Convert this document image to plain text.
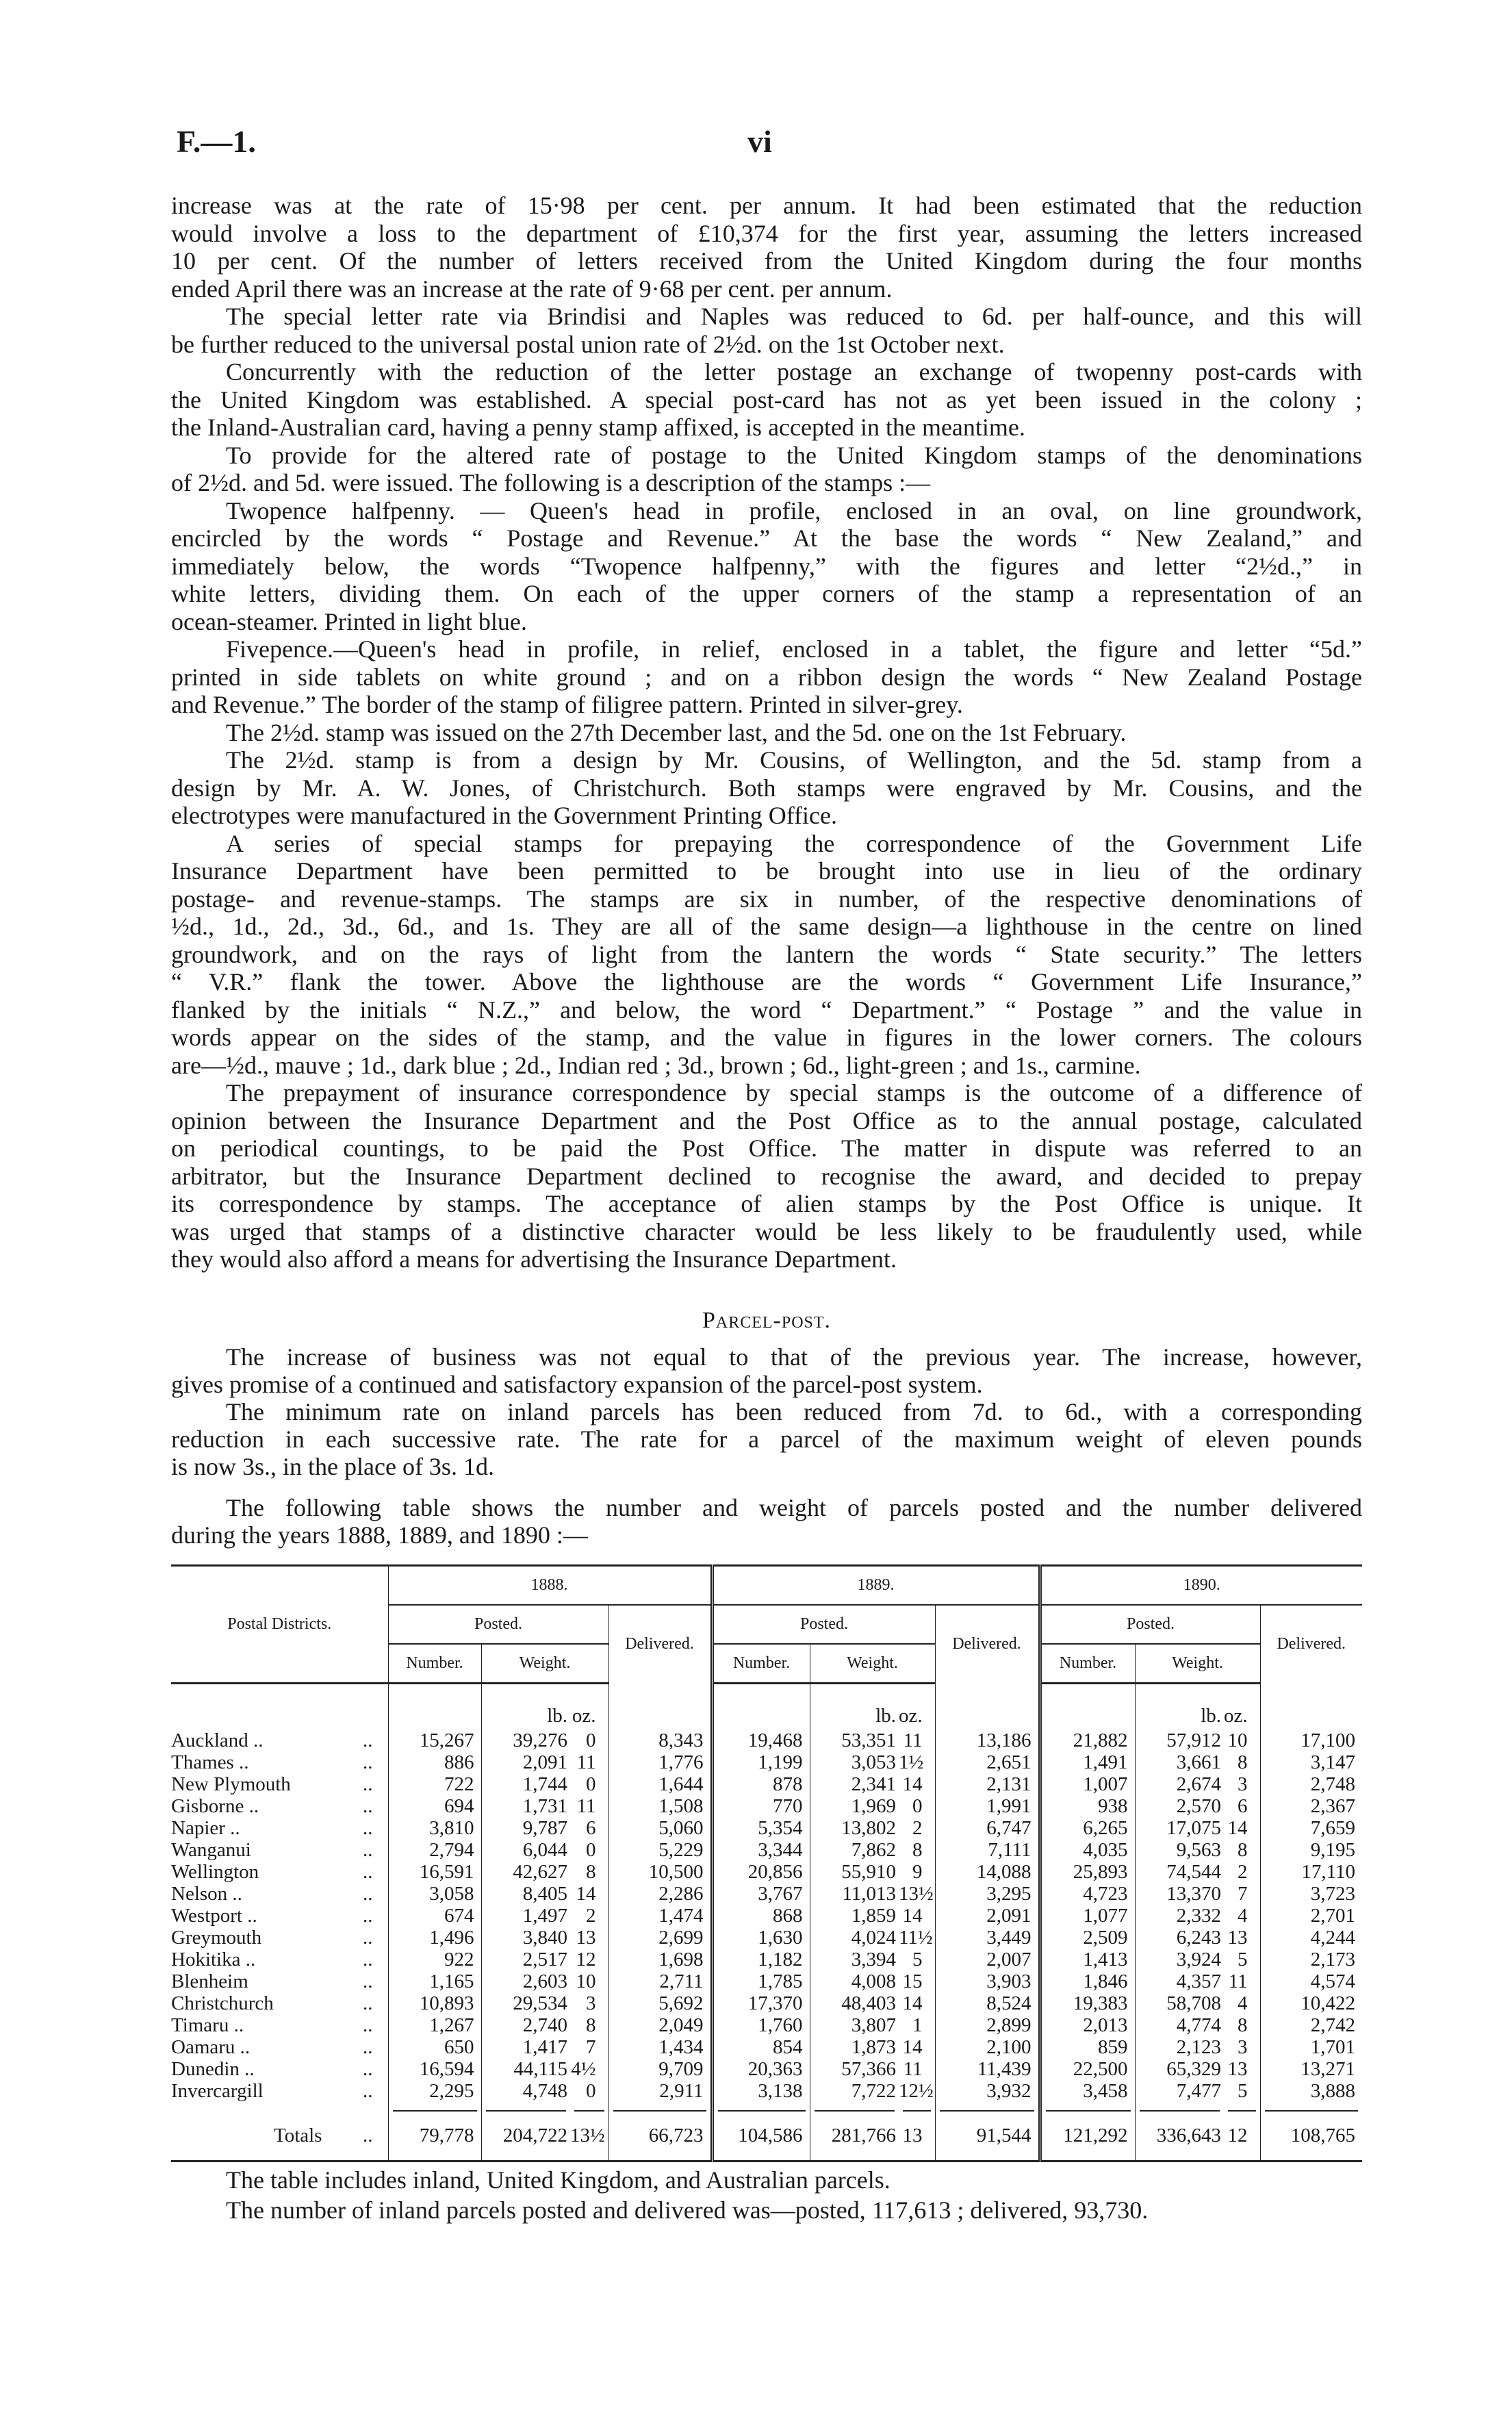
F.—1.	vi
increase was at the rate of 15·98 per cent. per annum. It had been estimated that the reduction
would involve a loss to the department of £10,374 for the first year, assuming the letters increased
10 per cent. Of the number of letters received from the United Kingdom during the four months
ended April there was an increase at the rate of 9·68 per cent. per annum.
The special letter rate via Brindisi and Naples was reduced to 6d. per half-ounce, and this will
be further reduced to the universal postal union rate of 2½d. on the 1st October next.
Concurrently with the reduction of the letter postage an exchange of twopenny post-cards with
the United Kingdom was established. A special post-card has not as yet been issued in the colony ;
the Inland-Australian card, having a penny stamp affixed, is accepted in the meantime.
To provide for the altered rate of postage to the United Kingdom stamps of the denominations
of 2½d. and 5d. were issued. The following is a description of the stamps :—
Twopence halfpenny. — Queen's head in profile, enclosed in an oval, on line groundwork,
encircled by the words “ Postage and Revenue.” At the base the words “ New Zealand,” and
immediately below, the words “Twopence halfpenny,” with the figures and letter “2½d.,” in
white letters, dividing them. On each of the upper corners of the stamp a representation of an
ocean-steamer. Printed in light blue.
Fivepence.—Queen's head in profile, in relief, enclosed in a tablet, the figure and letter “5d.”
printed in side tablets on white ground ; and on a ribbon design the words “ New Zealand Postage
and Revenue.” The border of the stamp of filigree pattern. Printed in silver-grey.
The 2½d. stamp was issued on the 27th December last, and the 5d. one on the 1st February.
The 2½d. stamp is from a design by Mr. Cousins, of Wellington, and the 5d. stamp from a
design by Mr. A. W. Jones, of Christchurch. Both stamps were engraved by Mr. Cousins, and the
electrotypes were manufactured in the Government Printing Office.
A series of special stamps for prepaying the correspondence of the Government Life
Insurance Department have been permitted to be brought into use in lieu of the ordinary
postage- and revenue-stamps. The stamps are six in number, of the respective denominations of
½d., 1d., 2d., 3d., 6d., and 1s. They are all of the same design—a lighthouse in the centre on lined
groundwork, and on the rays of light from the lantern the words “ State security.” The letters
“ V.R.” flank the tower. Above the lighthouse are the words “ Government Life Insurance,”
flanked by the initials “ N.Z.,” and below, the word “ Department.” “ Postage ” and the value in
words appear on the sides of the stamp, and the value in figures in the lower corners. The colours
are—½d., mauve ; 1d., dark blue ; 2d., Indian red ; 3d., brown ; 6d., light-green ; and 1s., carmine.
The prepayment of insurance correspondence by special stamps is the outcome of a difference of
opinion between the Insurance Department and the Post Office as to the annual postage, calculated
on periodical countings, to be paid the Post Office. The matter in dispute was referred to an
arbitrator, but the Insurance Department declined to recognise the award, and decided to prepay
its correspondence by stamps. The acceptance of alien stamps by the Post Office is unique. It
was urged that stamps of a distinctive character would be less likely to be fraudulently used, while
they would also afford a means for advertising the Insurance Department.
Parcel-post.
The increase of business was not equal to that of the previous year. The increase, however,
gives promise of a continued and satisfactory expansion of the parcel-post system.
The minimum rate on inland parcels has been reduced from 7d. to 6d., with a corresponding
reduction in each successive rate. The rate for a parcel of the maximum weight of eleven pounds
is now 3s., in the place of 3s. 1d.
The following table shows the number and weight of parcels posted and the number delivered
during the years 1888, 1889, and 1890 :—
Postal Districts.	1888.				1889.				1890.			
	Posted.			Delivered.	Posted.			Delivered.	Posted.			Delivered.
	Number.	Weight.			Number.	Weight.			Number.	Weight.		
		lb.	oz.			lb.	oz.			lb.	oz.	
Auckland .. ..	15,267	39,276	0	8,343	19,468	53,351	11	13,186	21,882	57,912	10	17,100
Thames .. ..	886	2,091	11	1,776	1,199	3,053	1½	2,651	1,491	3,661	8	3,147
New Plymouth ..	722	1,744	0	1,644	878	2,341	14	2,131	1,007	2,674	3	2,748
Gisborne .. ..	694	1,731	11	1,508	770	1,969	0	1,991	938	2,570	6	2,367
Napier .. ..	3,810	9,787	6	5,060	5,354	13,802	2	6,747	6,265	17,075	14	7,659
Wanganui ..	2,794	6,044	0	5,229	3,344	7,862	8	7,111	4,035	9,563	8	9,195
Wellington ..	16,591	42,627	8	10,500	20,856	55,910	9	14,088	25,893	74,544	2	17,110
Nelson .. ..	3,058	8,405	14	2,286	3,767	11,013	13½	3,295	4,723	13,370	7	3,723
Westport .. ..	674	1,497	2	1,474	868	1,859	14	2,091	1,077	2,332	4	2,701
Greymouth ..	1,496	3,840	13	2,699	1,630	4,024	11½	3,449	2,509	6,243	13	4,244
Hokitika .. ..	922	2,517	12	1,698	1,182	3,394	5	2,007	1,413	3,924	5	2,173
Blenheim ..	1,165	2,603	10	2,711	1,785	4,008	15	3,903	1,846	4,357	11	4,574
Christchurch ..	10,893	29,534	3	5,692	17,370	48,403	14	8,524	19,383	58,708	4	10,422
Timaru .. ..	1,267	2,740	8	2,049	1,760	3,807	1	2,899	2,013	4,774	8	2,742
Oamaru .. ..	650	1,417	7	1,434	854	1,873	14	2,100	859	2,123	3	1,701
Dunedin .. ..	16,594	44,115	4½	9,709	20,363	57,366	11	11,439	22,500	65,329	13	13,271
Invercargill ..	2,295	4,748	0	2,911	3,138	7,722	12½	3,932	3,458	7,477	5	3,888

Totals ..	79,778	204,722	13½	66,723	104,586	281,766	13	91,544	121,292	336,643	12	108,765
The table includes inland, United Kingdom, and Australian parcels.
The number of inland parcels posted and delivered was—posted, 117,613 ; delivered, 93,730.
